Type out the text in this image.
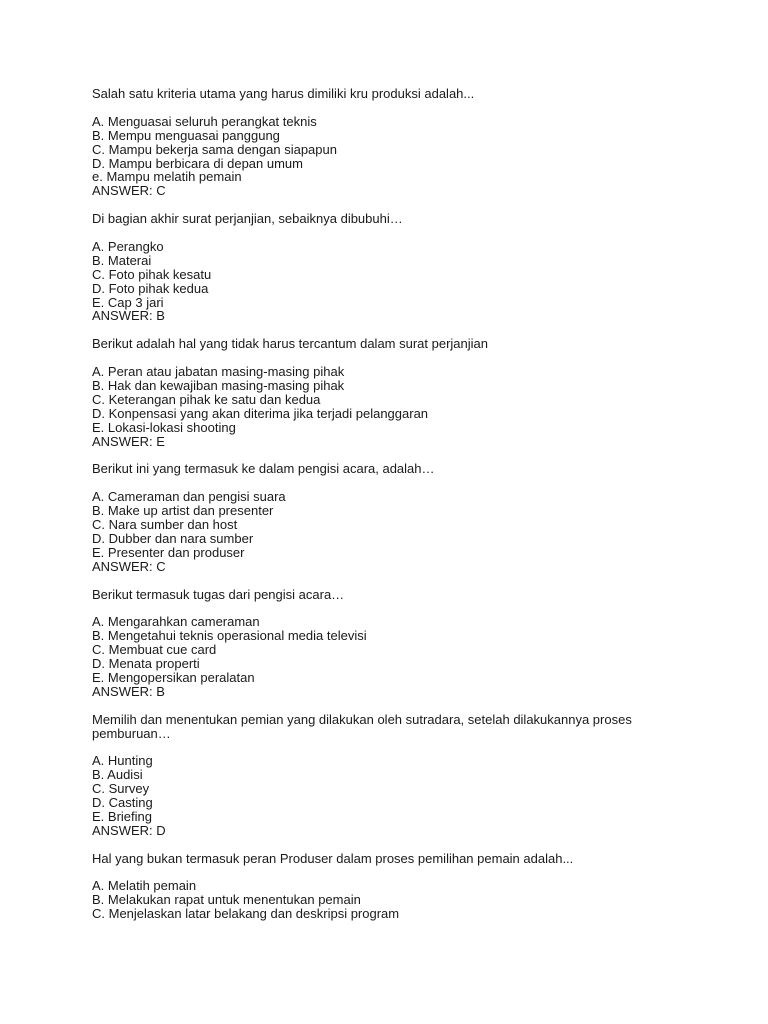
Salah satu kriteria utama yang harus dimiliki kru produksi adalah...
A. Menguasai seluruh perangkat teknis
B. Mempu menguasai panggung
C. Mampu bekerja sama dengan siapapun
D. Mampu berbicara di depan umum
e. Mampu melatih pemain
ANSWER: C
Di bagian akhir surat perjanjian, sebaiknya dibubuhi…
A. Perangko
B. Materai
C. Foto pihak kesatu
D. Foto pihak kedua
E. Cap 3 jari
ANSWER: B
Berikut adalah hal yang tidak harus tercantum dalam surat perjanjian
A. Peran atau jabatan masing-masing pihak
B. Hak dan kewajiban masing-masing pihak
C. Keterangan pihak ke satu dan kedua
D. Konpensasi yang akan diterima jika terjadi pelanggaran
E. Lokasi-lokasi shooting
ANSWER: E
Berikut ini yang termasuk ke dalam pengisi acara, adalah…
A. Cameraman dan pengisi suara
B. Make up artist dan presenter
C. Nara sumber dan host
D. Dubber dan nara sumber
E. Presenter dan produser
ANSWER: C
Berikut termasuk tugas dari pengisi acara…
A. Mengarahkan cameraman
B. Mengetahui teknis operasional media televisi
C. Membuat cue card
D. Menata properti
E. Mengopersikan peralatan
ANSWER: B
Memilih dan menentukan pemian yang dilakukan oleh sutradara, setelah dilakukannya proses pemburuan…
A. Hunting
B. Audisi
C. Survey
D. Casting
E. Briefing
ANSWER: D
Hal yang bukan termasuk peran Produser dalam proses pemilihan pemain adalah...
A. Melatih pemain
B. Melakukan rapat untuk menentukan pemain
C. Menjelaskan latar belakang dan deskripsi program
